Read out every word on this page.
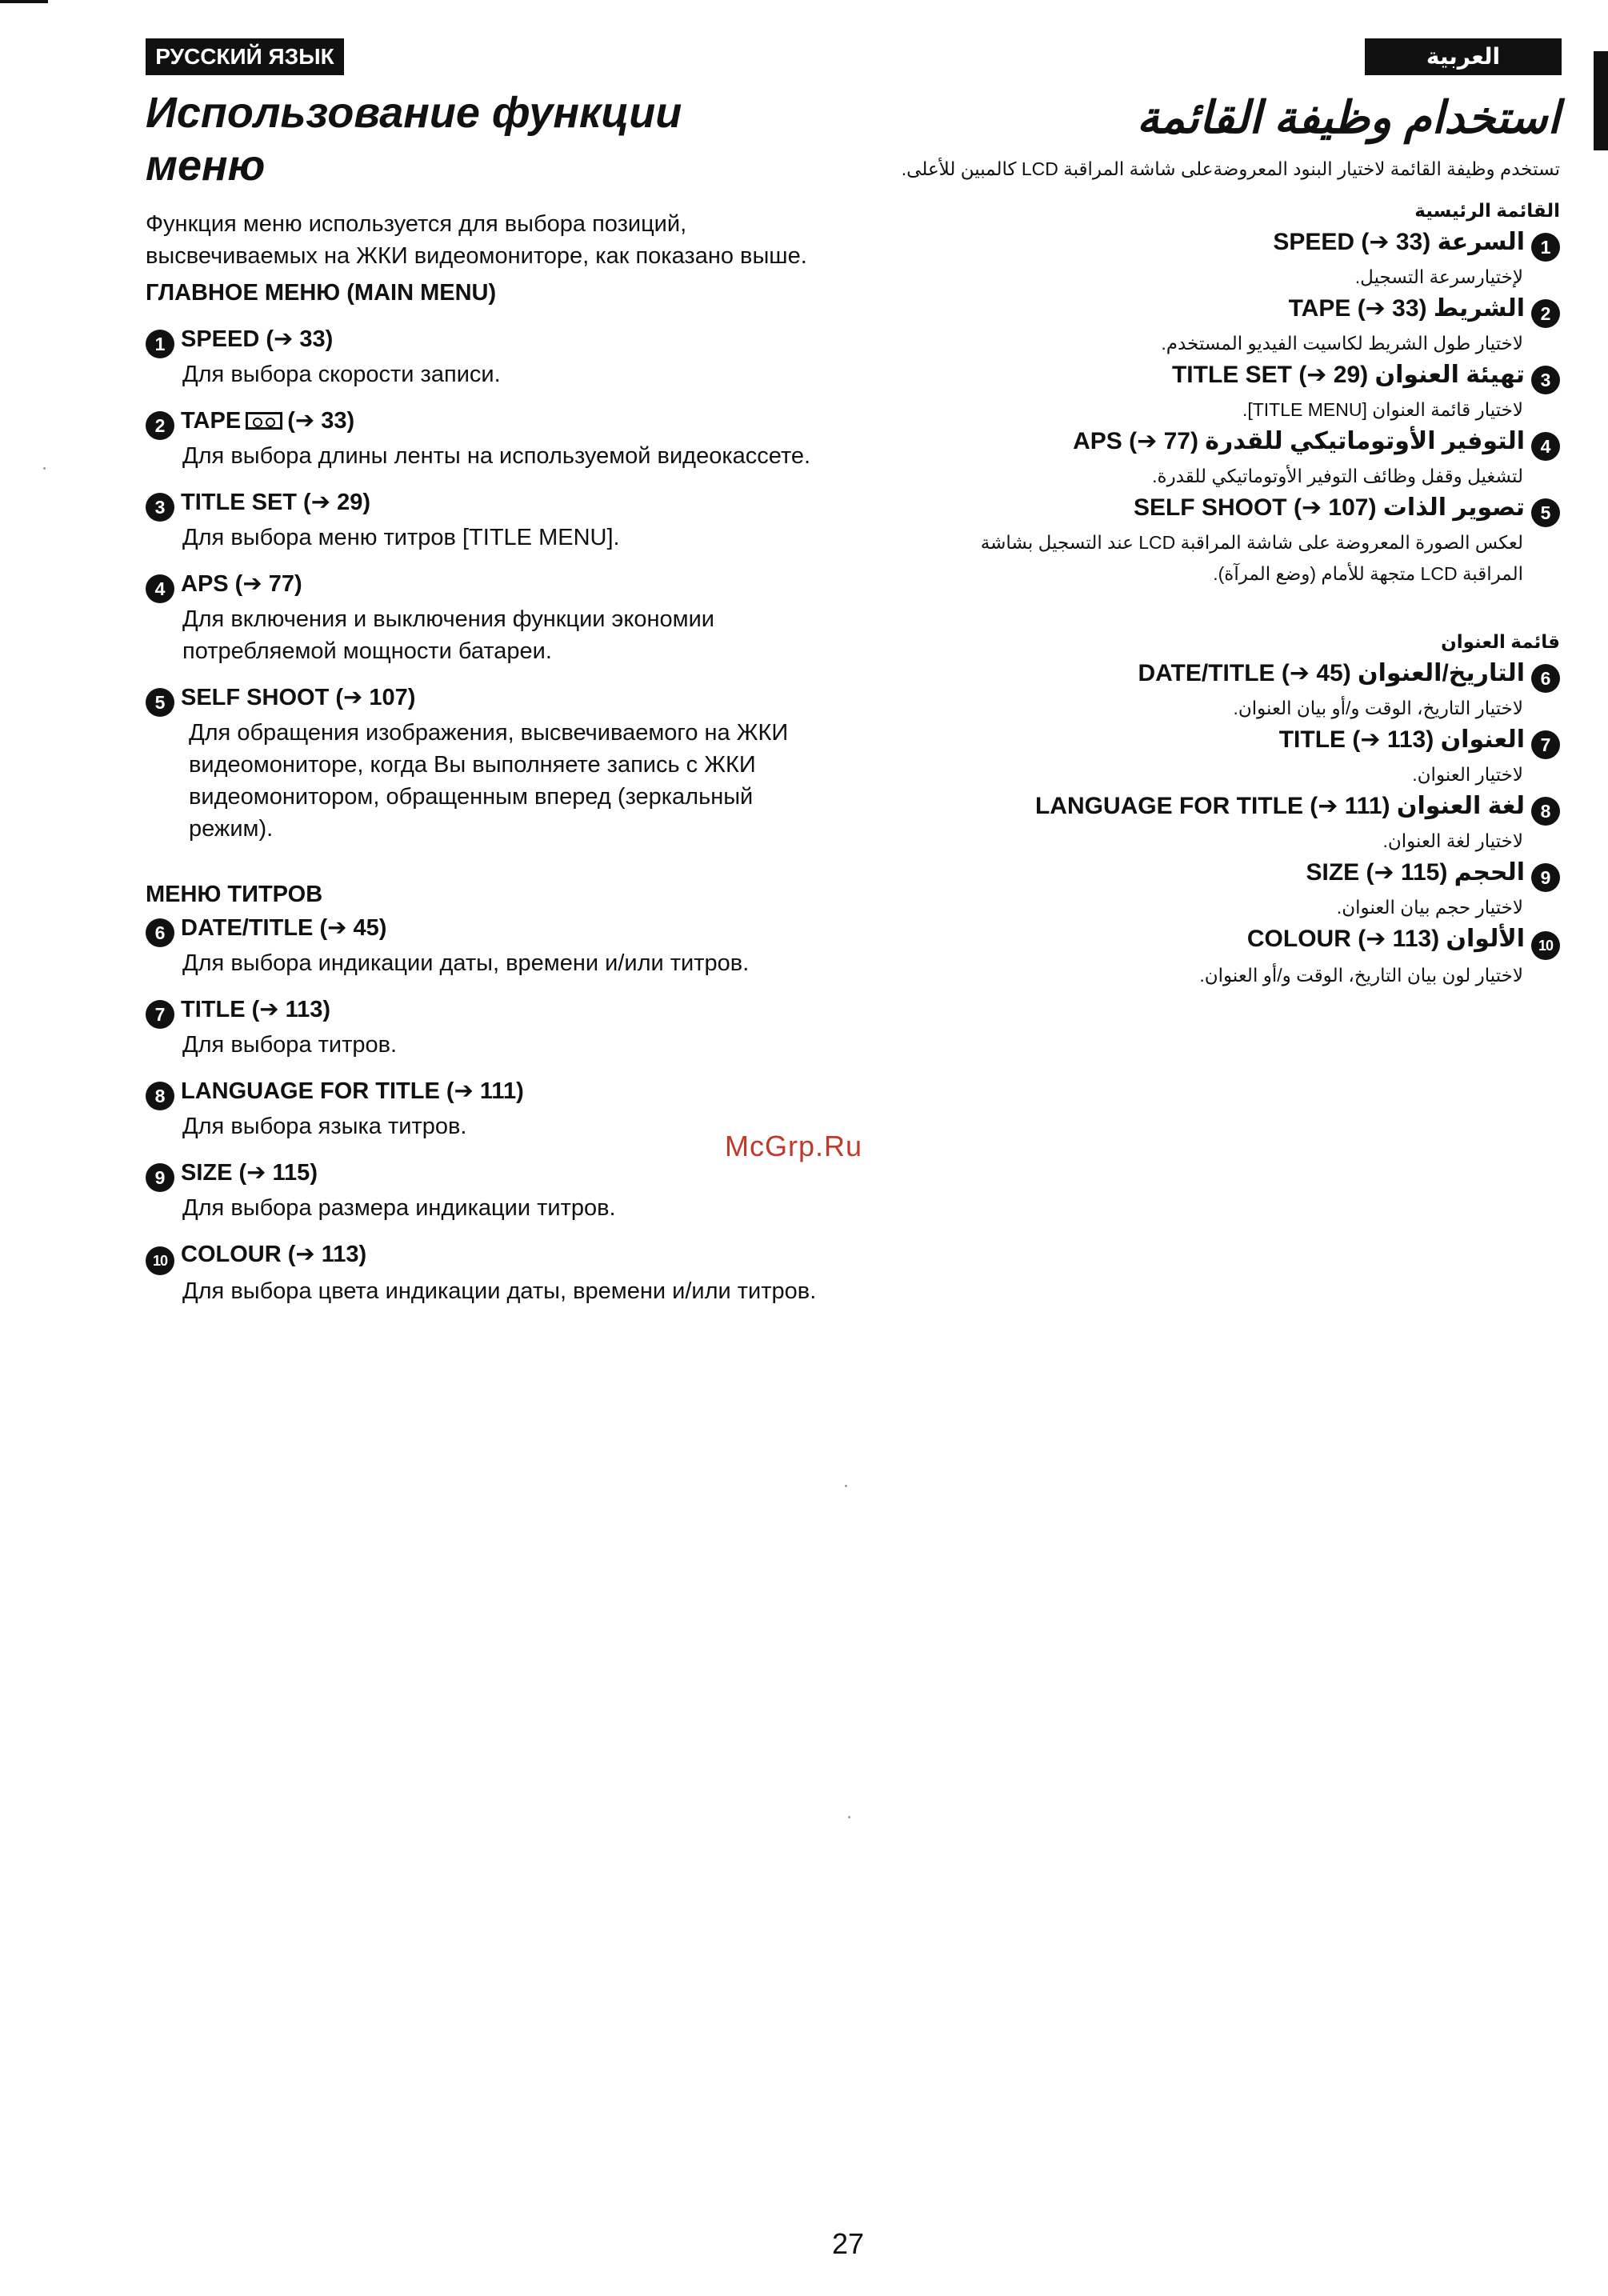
РУССКИЙ ЯЗЫК	العربية
Использование функции
меню
استخدام وظيفة القائمة

Функция меню используется для выбора позиций, высвечиваемых на ЖКИ видеомониторе, как показано выше.

ГЛАВНОЕ МЕНЮ (MAIN MENU)

1 SPEED (➔ 33)
Для выбора скорости записи.
2 TAPE (➔ 33)
Для выбора длины ленты на используемой видеокассете.
3 TITLE SET (➔ 29)
Для выбора меню титров [TITLE MENU].
4 APS (➔ 77)
Для включения и выключения функции экономии потребляемой мощности батареи.
5 SELF SHOOT (➔ 107)
Для обращения изображения, высвечиваемого на ЖКИ видеомониторе, когда Вы выполняете запись с ЖКИ видеомонитором, обращенным вперед (зеркальный режим).

МЕНЮ ТИТРОВ

6 DATE/TITLE (➔ 45)
Для выбора индикации даты, времени и/или титров.
7 TITLE (➔ 113)
Для выбора титров.
8 LANGUAGE FOR TITLE (➔ 111)
Для выбора языка титров.
9 SIZE (➔ 115)
Для выбора размера индикации титров.
10 COLOUR (➔ 113)
Для выбора цвета индикации даты, времени и/или титров.
تستخدم وظيفة القائمة لاختيار البنود المعروضةعلى شاشة المراقبة LCD كالمبين للأعلى.

القائمة الرئيسية

1السرعة SPEED (➔ 33)

لإختيارسرعة التسجيل.

2الشريط TAPE (➔ 33)

لاختيار طول الشريط لكاسيت الفيديو المستخدم.

3تهيئة العنوان TITLE SET (➔ 29)

لاختيار قائمة العنوان [TITLE MENU].

4التوفير الأوتوماتيكي للقدرة APS (➔ 77)

لتشغيل وقفل وظائف التوفير الأوتوماتيكي للقدرة.

5تصوير الذات SELF SHOOT (➔ 107)

لعكس الصورة المعروضة على شاشة المراقبة LCD عند التسجيل بشاشة المراقبة LCD متجهة للأمام (وضع المرآة).

قائمة العنوان

6التاريخ/العنوان DATE/TITLE (➔ 45)

لاختيار التاريخ، الوقت و/أو بيان العنوان.

7العنوان TITLE (➔ 113)

لاختيار العنوان.

8لغة العنوان LANGUAGE FOR TITLE (➔ 111)

لاختيار لغة العنوان.

9الحجم SIZE (➔ 115)

لاختيار حجم بيان العنوان.

10الألوان COLOUR (➔ 113)

لاختيار لون بيان التاريخ، الوقت و/أو العنوان.

McGrp.Ru
27
